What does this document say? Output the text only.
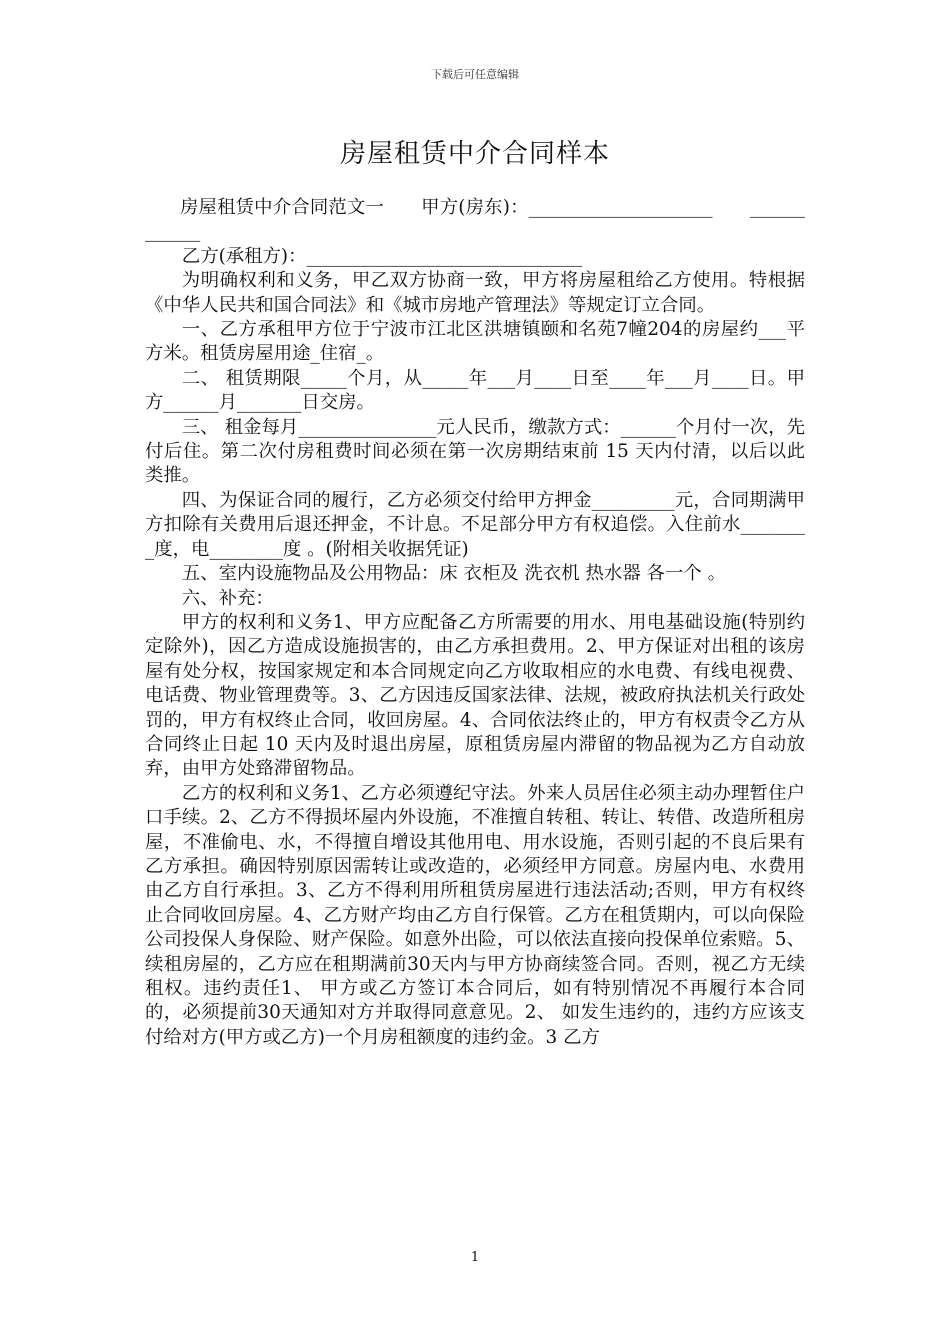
下载后可任意编辑
房屋租赁中介合同样本

房屋租赁中介合同范文一　　甲方(房东)：____________________　　____________

乙方(承租方)：______________________________

为明确权利和义务，甲乙双方协商一致，甲方将房屋租给乙方使用。特根据《中华人民共和国合同法》和《城市房地产管理法》等规定订立合同。

一、乙方承租甲方位于宁波市江北区洪塘镇颐和名苑7幢204的房屋约___平方米。租赁房屋用途_住宿_。

二、 租赁期限_____个月，从_____年___月____日至____年___月____日。甲方______月_______日交房。

三、 租金每月_______________元人民币，缴款方式：______个月付一次，先付后住。第二次付房租费时间必须在第一次房期结束前 15 天内付清，以后以此类推。

四、为保证合同的履行，乙方必须交付给甲方押金_________元，合同期满甲方扣除有关费用后退还押金，不计息。不足部分甲方有权追偿。入住前水________度，电________度 。(附相关收据凭证)

五、室内设施物品及公用物品：床 衣柜及 洗衣机 热水器 各一个 。

六、补充：

甲方的权利和义务1、甲方应配备乙方所需要的用水、用电基础设施(特别约定除外)，因乙方造成设施损害的，由乙方承担费用。2、甲方保证对出租的该房屋有处分权，按国家规定和本合同规定向乙方收取相应的水电费、有线电视费、电话费、物业管理费等。3、乙方因违反国家法律、法规，被政府执法机关行政处罚的，甲方有权终止合同，收回房屋。4、合同依法终止的，甲方有权责令乙方从合同终止日起 10 天内及时退出房屋，原租赁房屋内滞留的物品视为乙方自动放弃，由甲方处臵滞留物品。

乙方的权利和义务1、乙方必须遵纪守法。外来人员居住必须主动办理暂住户口手续。2、乙方不得损坏屋内外设施，不准擅自转租、转让、转借、改造所租房屋，不准偷电、水，不得擅自增设其他用电、用水设施，否则引起的不良后果有乙方承担。确因特别原因需转让或改造的，必须经甲方同意。房屋内电、水费用由乙方自行承担。3、乙方不得利用所租赁房屋进行违法活动;否则，甲方有权终止合同收回房屋。4、乙方财产均由乙方自行保管。乙方在租赁期内，可以向保险公司投保人身保险、财产保险。如意外出险，可以依法直接向投保单位索赔。5、续租房屋的，乙方应在租期满前30天内与甲方协商续签合同。否则，视乙方无续租权。违约责任1、 甲方或乙方签订本合同后，如有特别情况不再履行本合同的，必须提前30天通知对方并取得同意意见。2、 如发生违约的，违约方应该支付给对方(甲方或乙方)一个月房租额度的违约金。3 乙方

1
